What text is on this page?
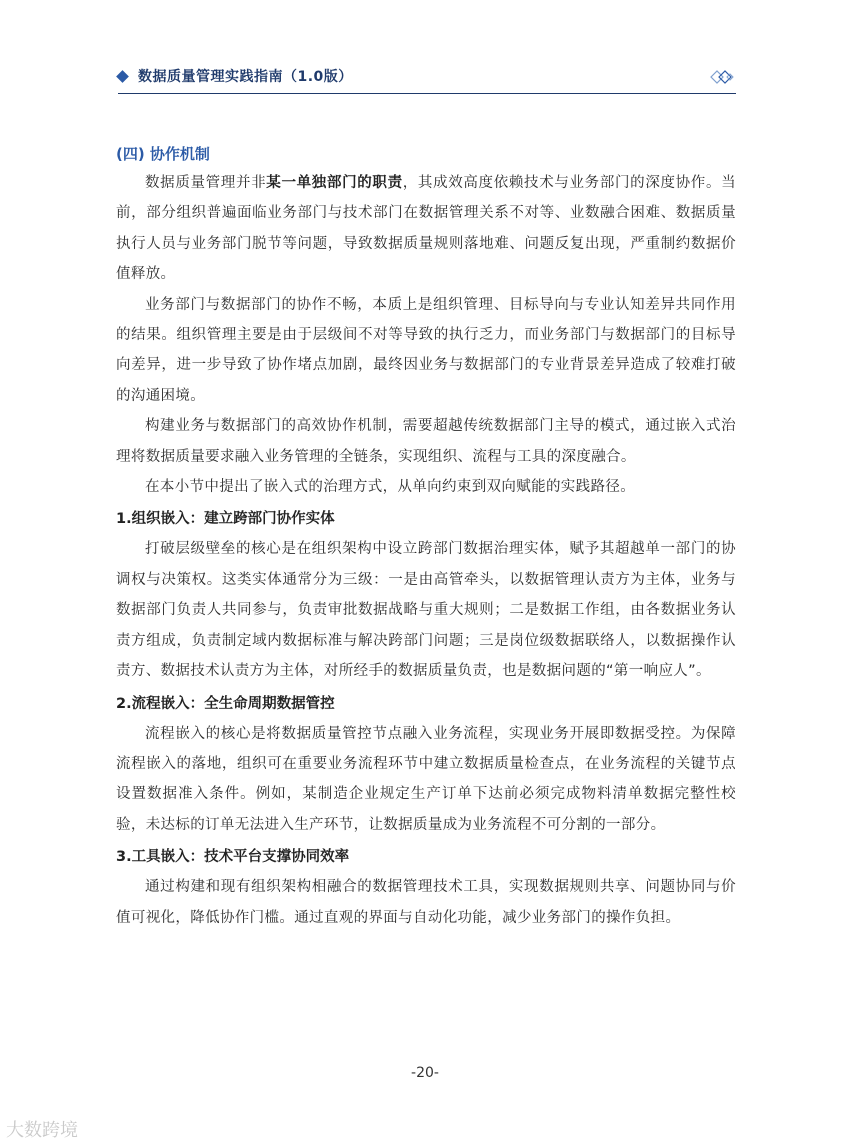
数据质量管理实践指南（1.0版）
(四) 协作机制

数据质量管理并非某一单独部门的职责，其成效高度依赖技术与业务部门的深度协作。当前，部分组织普遍面临业务部门与技术部门在数据管理关系不对等、业数融合困难、数据质量执行人员与业务部门脱节等问题，导致数据质量规则落地难、问题反复出现，严重制约数据价值释放。

业务部门与数据部门的协作不畅，本质上是组织管理、目标导向与专业认知差异共同作用的结果。组织管理主要是由于层级间不对等导致的执行乏力，而业务部门与数据部门的目标导向差异，进一步导致了协作堵点加剧，最终因业务与数据部门的专业背景差异造成了较难打破的沟通困境。

构建业务与数据部门的高效协作机制，需要超越传统数据部门主导的模式，通过嵌入式治理将数据质量要求融入业务管理的全链条，实现组织、流程与工具的深度融合。

在本小节中提出了嵌入式的治理方式，从单向约束到双向赋能的实践路径。

1.组织嵌入：建立跨部门协作实体

打破层级壁垒的核心是在组织架构中设立跨部门数据治理实体，赋予其超越单一部门的协调权与决策权。这类实体通常分为三级：一是由高管牵头，以数据管理认责方为主体，业务与数据部门负责人共同参与，负责审批数据战略与重大规则；二是数据工作组，由各数据业务认责方组成，负责制定域内数据标准与解决跨部门问题；三是岗位级数据联络人，以数据操作认责方、数据技术认责方为主体，对所经手的数据质量负责，也是数据问题的“第一响应人”。

2.流程嵌入：全生命周期数据管控

流程嵌入的核心是将数据质量管控节点融入业务流程，实现业务开展即数据受控。为保障流程嵌入的落地，组织可在重要业务流程环节中建立数据质量检查点，在业务流程的关键节点设置数据准入条件。例如，某制造企业规定生产订单下达前必须完成物料清单数据完整性校验，未达标的订单无法进入生产环节，让数据质量成为业务流程不可分割的一部分。

3.工具嵌入：技术平台支撑协同效率

通过构建和现有组织架构相融合的数据管理技术工具，实现数据规则共享、问题协同与价值可视化，降低协作门槛。通过直观的界面与自动化功能，减少业务部门的操作负担。

-20-
大数跨境
